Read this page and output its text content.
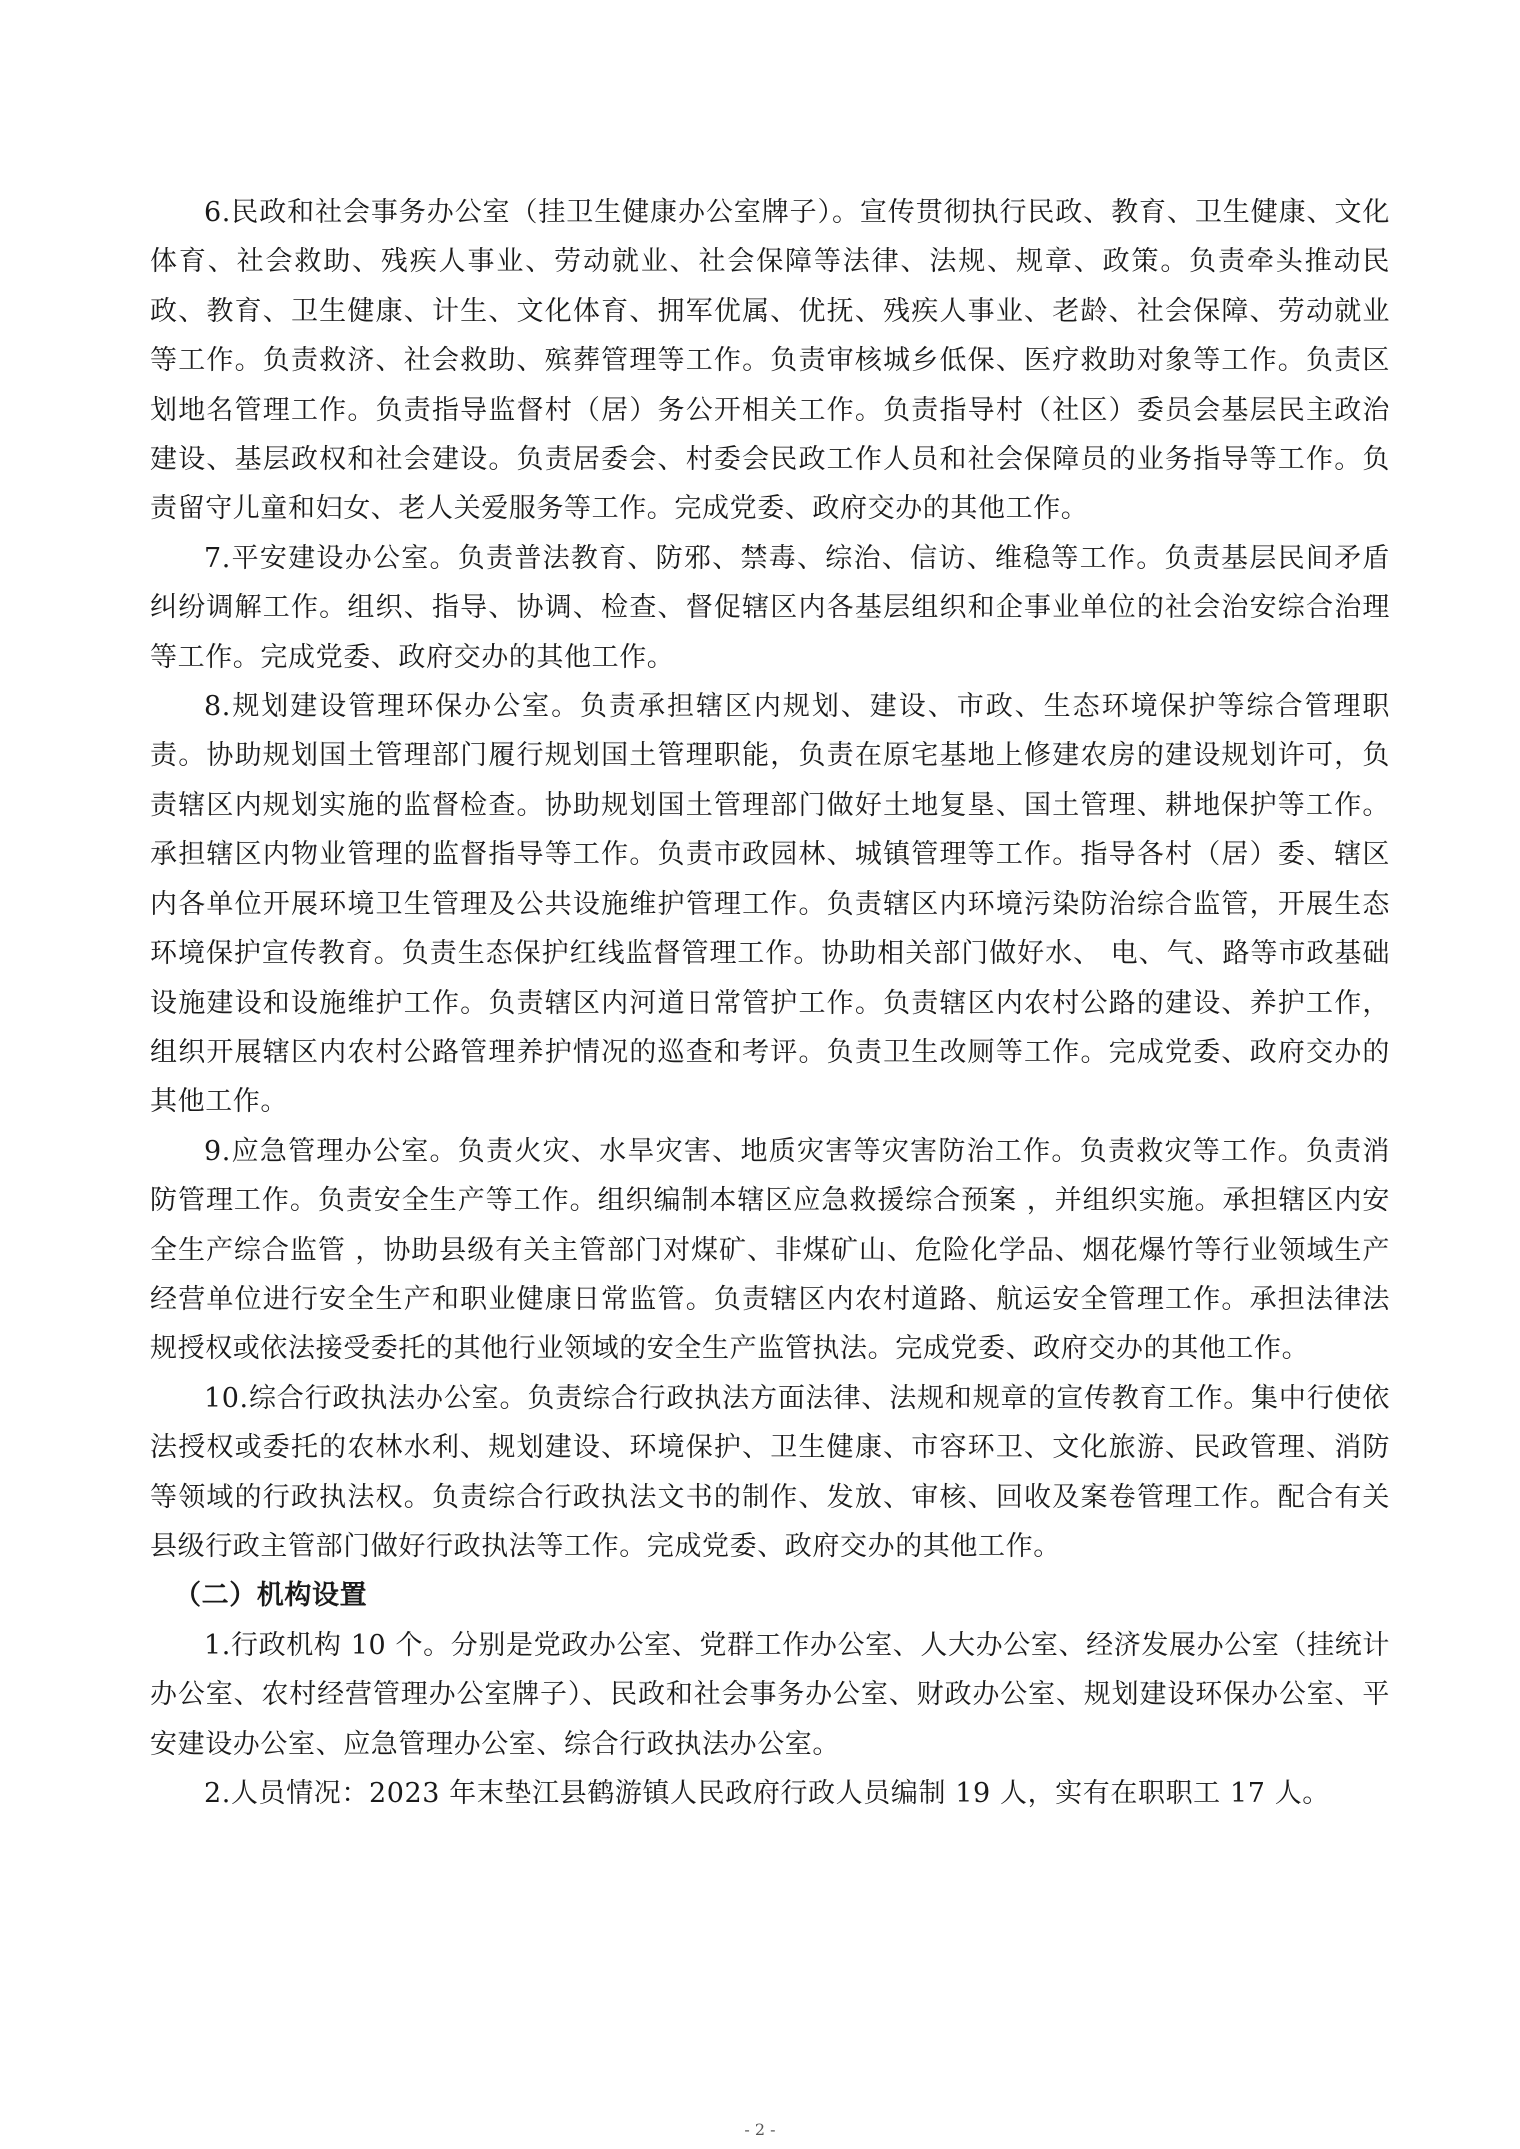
6.民政和社会事务办公室（挂卫生健康办公室牌子）。宣传贯彻执行民政、教育、卫生健康、文化体育、社会救助、残疾人事业、劳动就业、社会保障等法律、法规、规章、政策。负责牵头推动民政、教育、卫生健康、计生、文化体育、拥军优属、优抚、残疾人事业、老龄、社会保障、劳动就业等工作。负责救济、社会救助、殡葬管理等工作。负责审核城乡低保、医疗救助对象等工作。负责区划地名管理工作。负责指导监督村（居）务公开相关工作。负责指导村（社区）委员会基层民主政治建设、基层政权和社会建设。负责居委会、村委会民政工作人员和社会保障员的业务指导等工作。负责留守儿童和妇女、老人关爱服务等工作。完成党委、政府交办的其他工作。

7.平安建设办公室。负责普法教育、防邪、禁毒、综治、信访、维稳等工作。负责基层民间矛盾纠纷调解工作。组织、指导、协调、检查、督促辖区内各基层组织和企事业单位的社会治安综合治理等工作。完成党委、政府交办的其他工作。

8.规划建设管理环保办公室。负责承担辖区内规划、建设、市政、生态环境保护等综合管理职责。协助规划国土管理部门履行规划国土管理职能，负责在原宅基地上修建农房的建设规划许可，负责辖区内规划实施的监督检查。协助规划国土管理部门做好土地复垦、国土管理、耕地保护等工作。承担辖区内物业管理的监督指导等工作。负责市政园林、城镇管理等工作。指导各村（居）委、辖区内各单位开展环境卫生管理及公共设施维护管理工作。负责辖区内环境污染防治综合监管，开展生态环境保护宣传教育。负责生态保护红线监督管理工作。协助相关部门做好水、 电、气、路等市政基础设施建设和设施维护工作。负责辖区内河道日常管护工作。负责辖区内农村公路的建设、养护工作，组织开展辖区内农村公路管理养护情况的巡查和考评。负责卫生改厕等工作。完成党委、政府交办的其他工作。

9.应急管理办公室。负责火灾、水旱灾害、地质灾害等灾害防治工作。负责救灾等工作。负责消防管理工作。负责安全生产等工作。组织编制本辖区应急救援综合预案 ，并组织实施。承担辖区内安全生产综合监管 ，协助县级有关主管部门对煤矿、非煤矿山、危险化学品、烟花爆竹等行业领域生产经营单位进行安全生产和职业健康日常监管。负责辖区内农村道路、航运安全管理工作。承担法律法规授权或依法接受委托的其他行业领域的安全生产监管执法。完成党委、政府交办的其他工作。

10.综合行政执法办公室。负责综合行政执法方面法律、法规和规章的宣传教育工作。集中行使依法授权或委托的农林水利、规划建设、环境保护、卫生健康、市容环卫、文化旅游、民政管理、消防等领域的行政执法权。负责综合行政执法文书的制作、发放、审核、回收及案卷管理工作。配合有关县级行政主管部门做好行政执法等工作。完成党委、政府交办的其他工作。

（二）机构设置

1.行政机构 10 个。分别是党政办公室、党群工作办公室、人大办公室、经济发展办公室（挂统计办公室、农村经营管理办公室牌子）、民政和社会事务办公室、财政办公室、规划建设环保办公室、平安建设办公室、应急管理办公室、综合行政执法办公室。

2.人员情况：2023 年末垫江县鹤游镇人民政府行政人员编制 19 人，实有在职职工 17 人。

- 2 -
